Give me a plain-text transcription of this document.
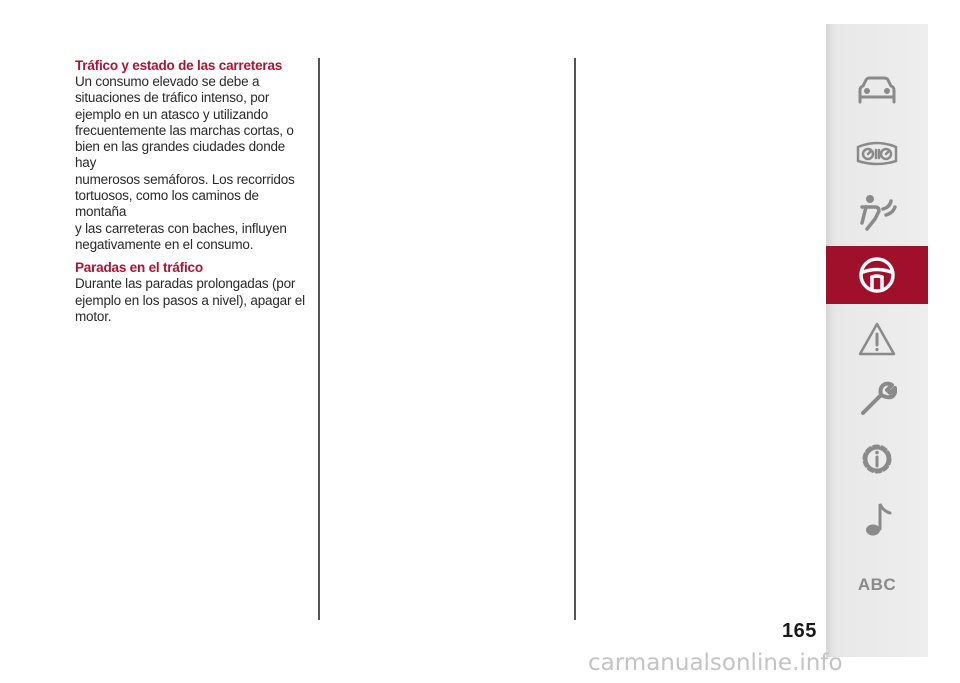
Tráfico y estado de las carreteras

Un consumo elevado se debe a
situaciones de tráfico intenso, por
ejemplo en un atasco y utilizando
frecuentemente las marchas cortas, o
bien en las grandes ciudades donde hay
numerosos semáforos. Los recorridos
tortuosos, como los caminos de montaña
y las carreteras con baches, influyen
negativamente en el consumo.

Paradas en el tráfico

Durante las paradas prolongadas (por
ejemplo en los pasos a nivel), apagar el
motor.

165
ABC
carmanualsonline.info
